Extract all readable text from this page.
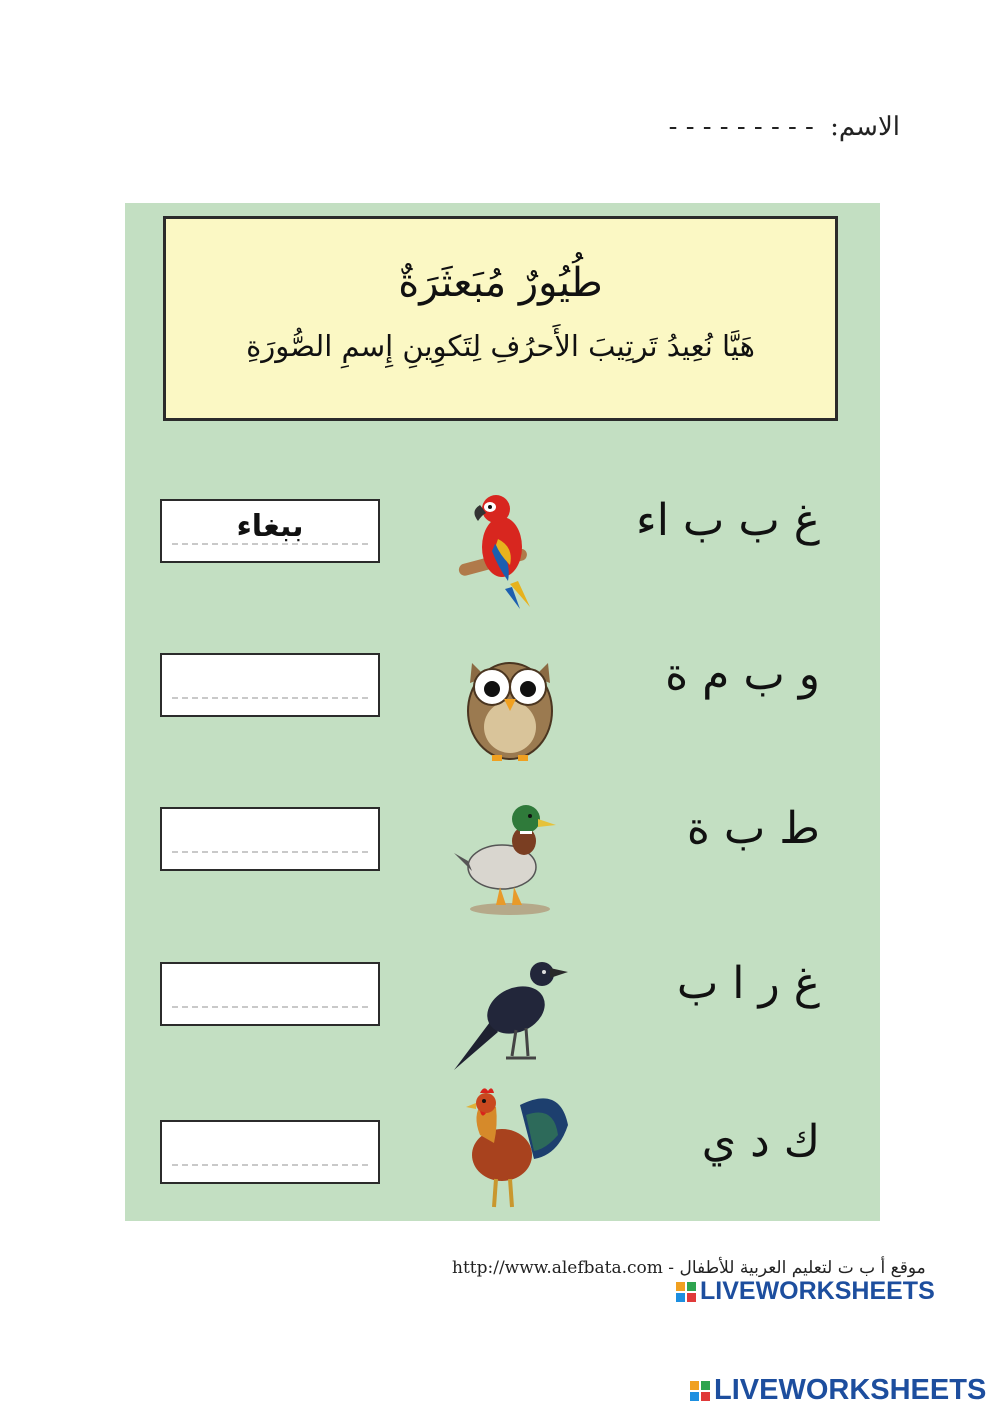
الاسم: - - - - - - - - -
طُيُورٌ مُبَعثَرَةٌ
هَيَّا نُعِيدُ تَرتِيبَ الأَحرُفِ لِتَكوِينِ إِسمِ الصُّورَةِ
ببغاء	غ ب ب اء
و ب م ة
ط ب ة
غ ر ا ب
ك د ي
http://www.alefbata.com - موقع أ ب ت لتعليم العربية للأطفال
LIVEWORKSHEETS
LIVEWORKSHEETS
